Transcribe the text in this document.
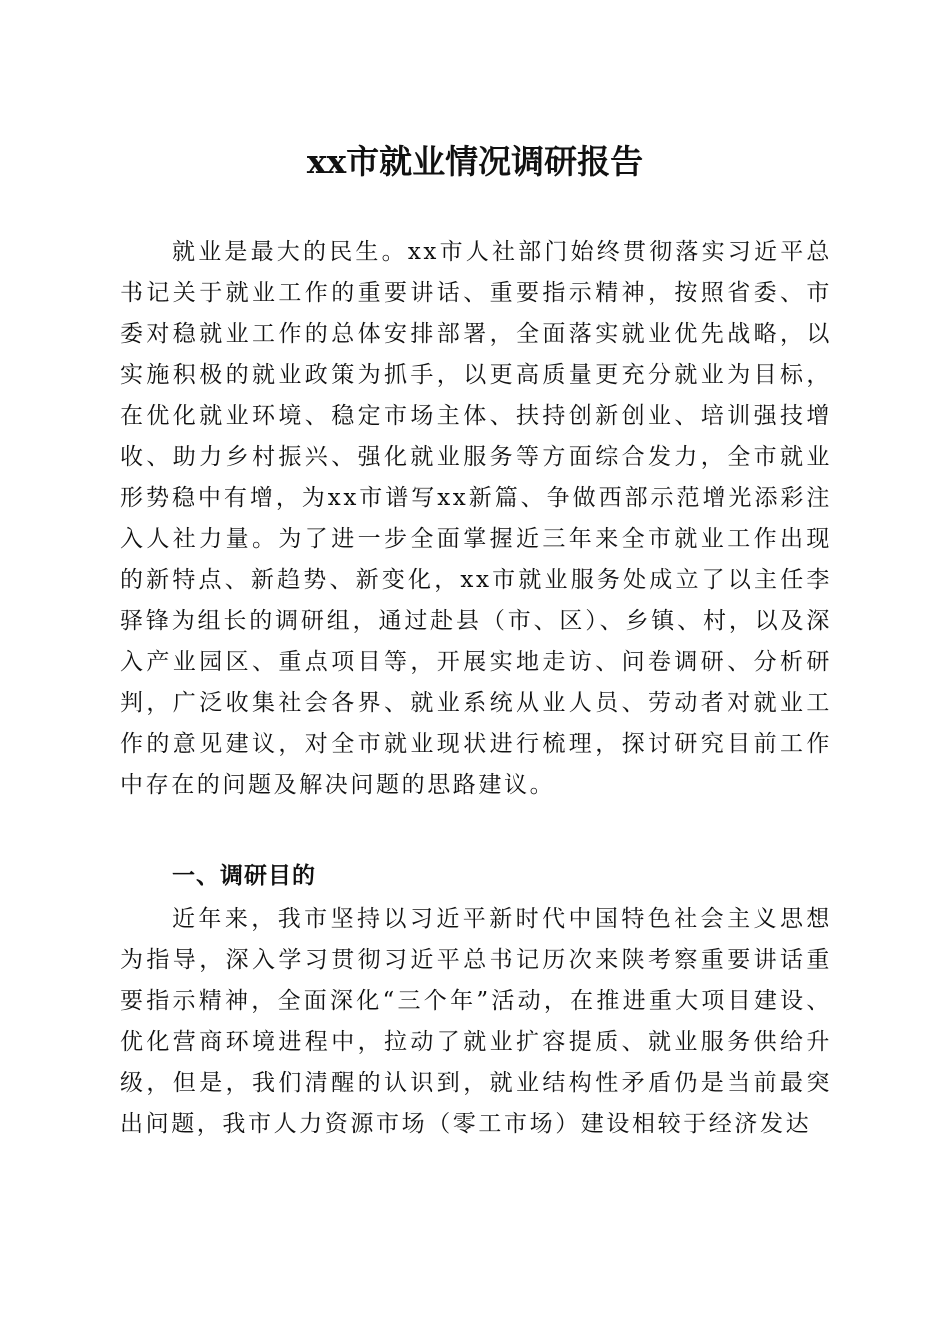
xx市就业情况调研报告

就业是最大的民生。xx市人社部门始终贯彻落实习近平总书记关于就业工作的重要讲话、重要指示精神，按照省委、市委对稳就业工作的总体安排部署，全面落实就业优先战略，以实施积极的就业政策为抓手，以更高质量更充分就业为目标，在优化就业环境、稳定市场主体、扶持创新创业、培训强技增收、助力乡村振兴、强化就业服务等方面综合发力，全市就业形势稳中有增，为xx市谱写xx新篇、争做西部示范增光添彩注入人社力量。为了进一步全面掌握近三年来全市就业工作出现的新特点、新趋势、新变化，xx市就业服务处成立了以主任李驿锋为组长的调研组，通过赴县（市、区）、乡镇、村，以及深入产业园区、重点项目等，开展实地走访、问卷调研、分析研判，广泛收集社会各界、就业系统从业人员、劳动者对就业工作的意见建议，对全市就业现状进行梳理，探讨研究目前工作中存在的问题及解决问题的思路建议。

一、调研目的

近年来，我市坚持以习近平新时代中国特色社会主义思想为指导，深入学习贯彻习近平总书记历次来陕考察重要讲话重要指示精神，全面深化“三个年”活动，在推进重大项目建设、优化营商环境进程中，拉动了就业扩容提质、就业服务供给升级，但是，我们清醒的认识到，就业结构性矛盾仍是当前最突出问题，我市人力资源市场（零工市场）建设相较于经济发达
